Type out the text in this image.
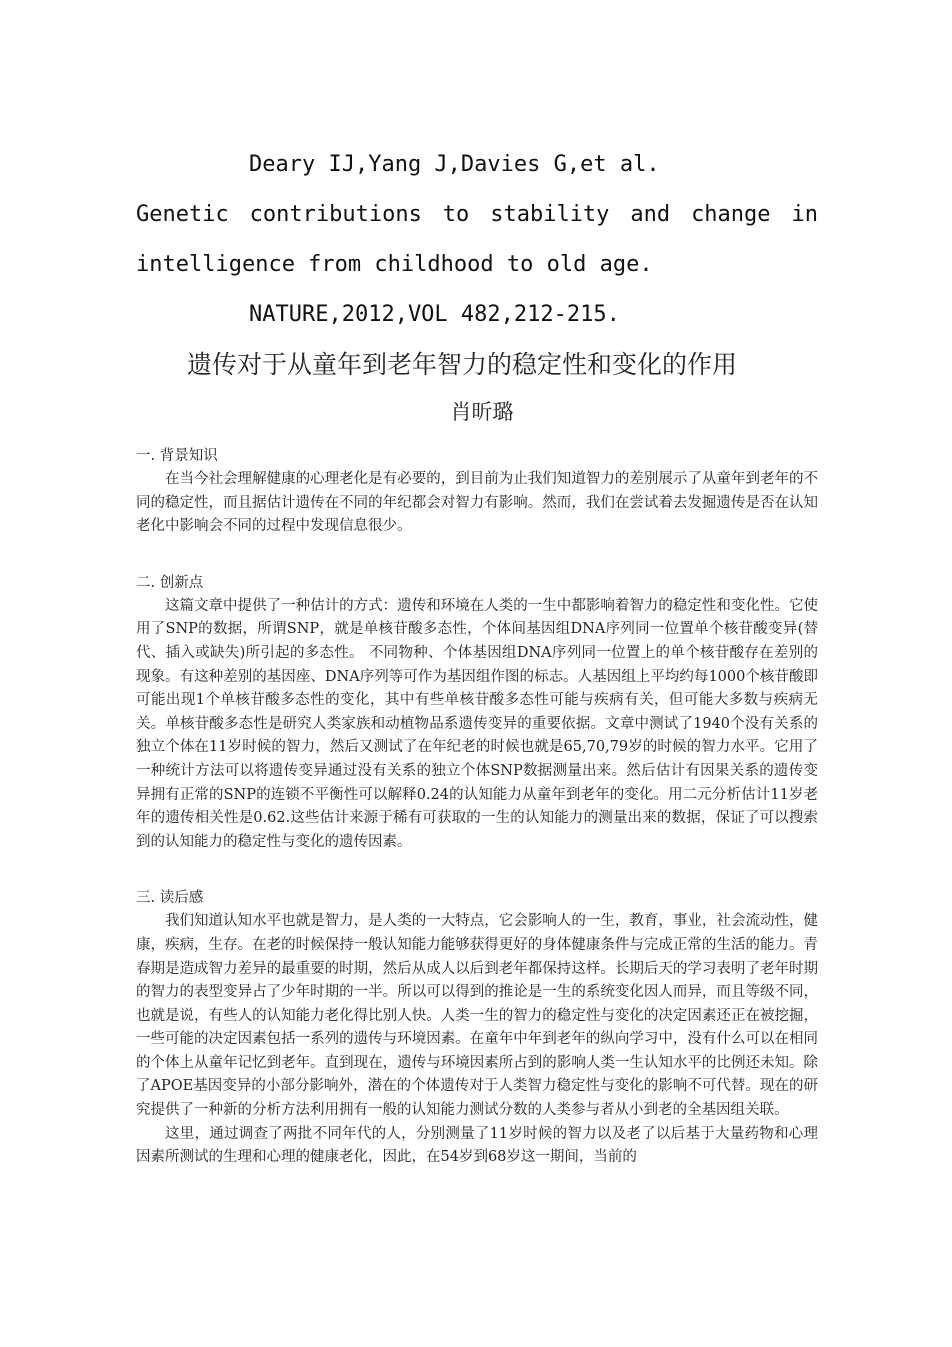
Deary IJ,Yang J,Davies G,et al.
Genetic contributions to stability and change in
intelligence from childhood to old age.
NATURE,2012,VOL 482,212-215.
遗传对于从童年到老年智力的稳定性和变化的作用
肖昕璐
一. 背景知识

在当今社会理解健康的心理老化是有必要的，到目前为止我们知道智力的差别展示了从童年到老年的不同的稳定性，而且据估计遗传在不同的年纪都会对智力有影响。然而，我们在尝试着去发掘遗传是否在认知老化中影响会不同的过程中发现信息很少。

二. 创新点

这篇文章中提供了一种估计的方式：遗传和环境在人类的一生中都影响着智力的稳定性和变化性。它使用了SNP的数据，所谓SNP，就是单核苷酸多态性，个体间基因组DNA序列同一位置单个核苷酸变异(替代、插入或缺失)所引起的多态性。 不同物种、个体基因组DNA序列同一位置上的单个核苷酸存在差别的现象。有这种差别的基因座、DNA序列等可作为基因组作图的标志。人基因组上平均约每1000个核苷酸即可能出现1个单核苷酸多态性的变化，其中有些单核苷酸多态性可能与疾病有关，但可能大多数与疾病无关。单核苷酸多态性是研究人类家族和动植物品系遗传变异的重要依据。文章中测试了1940个没有关系的独立个体在11岁时候的智力，然后又测试了在年纪老的时候也就是65,70,79岁的时候的智力水平。它用了一种统计方法可以将遗传变异通过没有关系的独立个体SNP数据测量出来。然后估计有因果关系的遗传变异拥有正常的SNP的连锁不平衡性可以解释0.24的认知能力从童年到老年的变化。用二元分析估计11岁老年的遗传相关性是0.62.这些估计来源于稀有可获取的一生的认知能力的测量出来的数据，保证了可以搜索到的认知能力的稳定性与变化的遗传因素。

三. 读后感

我们知道认知水平也就是智力，是人类的一大特点，它会影响人的一生，教育，事业，社会流动性，健康，疾病，生存。在老的时候保持一般认知能力能够获得更好的身体健康条件与完成正常的生活的能力。青春期是造成智力差异的最重要的时期，然后从成人以后到老年都保持这样。长期后天的学习表明了老年时期的智力的表型变异占了少年时期的一半。所以可以得到的推论是一生的系统变化因人而异，而且等级不同，也就是说，有些人的认知能力老化得比别人快。人类一生的智力的稳定性与变化的决定因素还正在被挖掘，一些可能的决定因素包括一系列的遗传与环境因素。在童年中年到老年的纵向学习中，没有什么可以在相同的个体上从童年记忆到老年。直到现在，遗传与环境因素所占到的影响人类一生认知水平的比例还未知。除了APOE基因变异的小部分影响外，潜在的个体遗传对于人类智力稳定性与变化的影响不可代替。现在的研究提供了一种新的分析方法利用拥有一般的认知能力测试分数的人类参与者从小到老的全基因组关联。

这里，通过调查了两批不同年代的人，分别测量了11岁时候的智力以及老了以后基于大量药物和心理因素所测试的生理和心理的健康老化，因此，在54岁到68岁这一期间，当前的
